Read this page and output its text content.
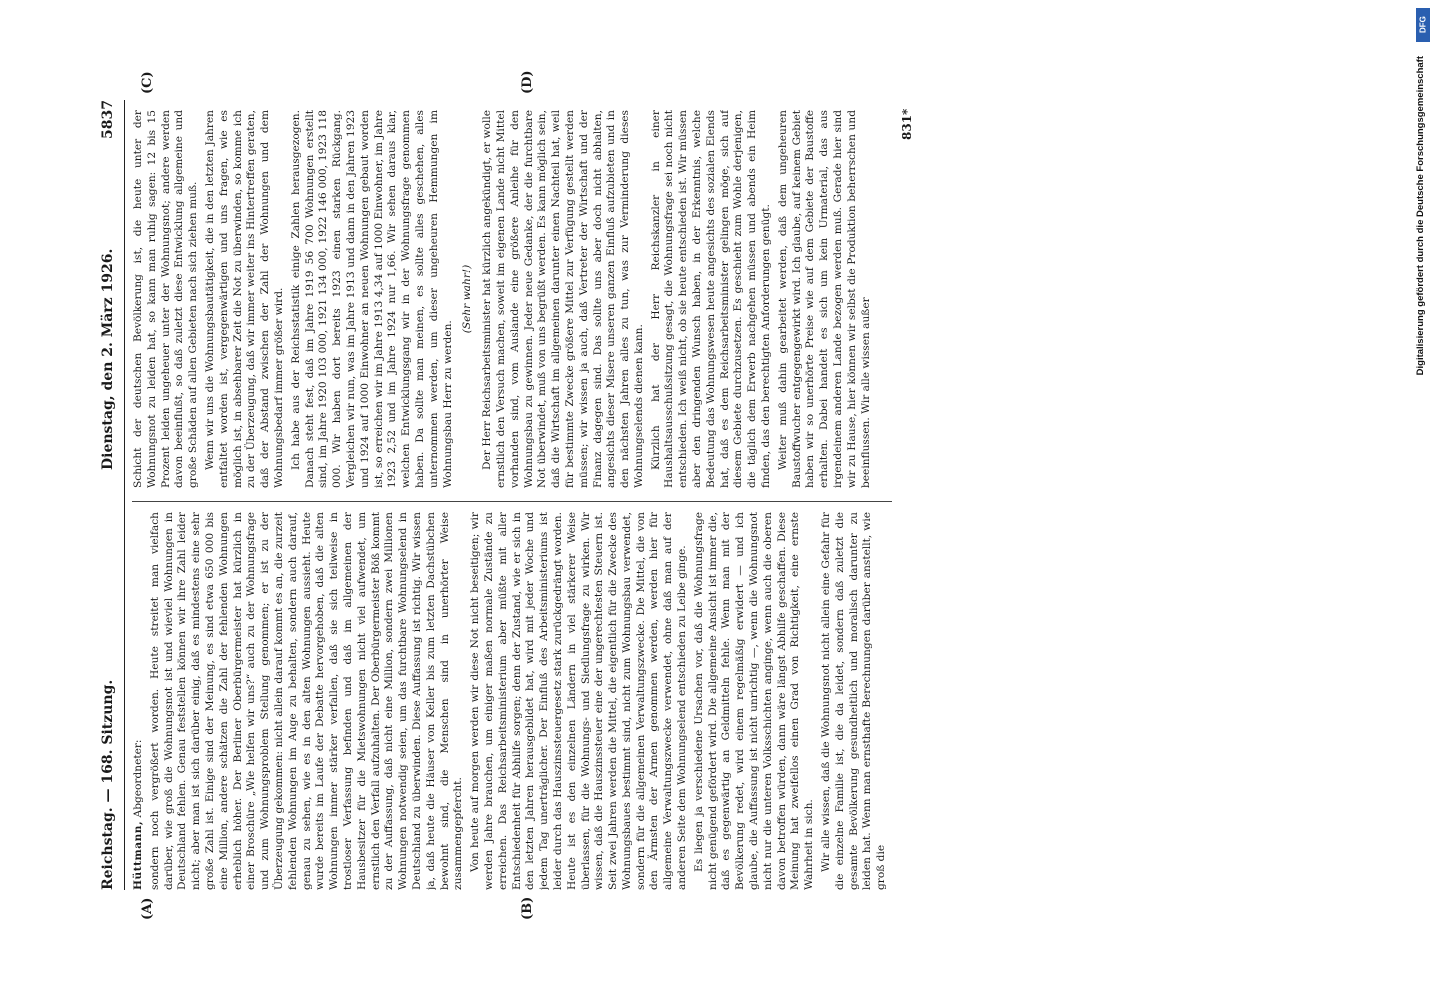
Reichstag. — 168. Sitzung.
Dienstag, den 2. März 1926.
5837
(A)	(B)
(C)	(D)

Hüttmann, Abgeordneter: sondern noch vergrößert worden. Heute streitet man vielfach darüber, wie groß die Wohnungsnot ist und wieviel Wohnungen in Deutschland fehlen. Genau feststellen können wir ihre Zahl leider nicht; aber man ist sich darüber einig, daß es mindestens eine sehr große Zahl ist. Einige sind der Meinung, es sind etwa 650 000 bis eine Million, andere schätzen die Zahl der fehlenden Wohnungen erheblich höher. Der Berliner Oberbürgermeister hat kürzlich in einer Broschüre „Wie helfen wir uns?“ auch zu der Wohnungsfrage und zum Wohnungsproblem Stellung genommen; er ist zu der Überzeugung gekommen: nicht allein darauf kommt es an, die zurzeit fehlenden Wohnungen im Auge zu behalten, sondern auch darauf, genau zu sehen, wie es in den alten Wohnungen aussieht. Heute wurde bereits im Laufe der Debatte hervorgehoben, daß die alten Wohnungen immer stärker verfallen, daß sie sich teilweise in trostloser Verfassung befinden und daß im allgemeinen der Hausbesitzer für die Mietswohnungen nicht viel aufwendet, um ernstlich den Verfall aufzuhalten. Der Oberbürgermeister Böß kommt zu der Auffassung, daß nicht eine Million, sondern zwei Millionen Wohnungen notwendig seien, um das furchtbare Wohnungselend in Deutschland zu überwinden. Diese Auffassung ist richtig. Wir wissen ja, daß heute die Häuser von Keller bis zum letzten Dachstübchen bewohnt sind, die Menschen sind in unerhörter Weise zusammengepfercht. Von heute auf morgen werden wir diese Not nicht beseitigen; wir werden Jahre brauchen, um einiger maßen normale Zustände zu erreichen. Das Reichsarbeitsministerium aber müßte mit aller Entschiedenheit für Abhilfe sorgen; denn der Zustand, wie er sich in den letzten Jahren herausgebildet hat, wird mit jeder Woche und jedem Tag unerträglicher. Der Einfluß des Arbeitsministeriums ist leider durch das Hauszinssteuergesetz stark zurückgedrängt worden. Heute ist es den einzelnen Ländern in viel stärkerer Weise überlassen, für die Wohnungs- und Siedlungsfrage zu wirken. Wir wissen, daß die Hauszinssteuer eine der ungerechtesten Steuern ist. Seit zwei Jahren werden die Mittel, die eigentlich für die Zwecke des Wohnungsbaues bestimmt sind, nicht zum Wohnungsbau verwendet, sondern für die allgemeinen Verwaltungszwecke. Die Mittel, die von den Ärmsten der Armen genommen werden, werden hier für allgemeine Verwaltungszwecke verwendet, ohne daß man auf der anderen Seite dem Wohnungselend entschieden zu Leibe ginge. Es liegen ja verschiedene Ursachen vor, daß die Wohnungsfrage nicht genügend gefördert wird. Die allgemeine Ansicht ist immer die, daß es gegenwärtig an Geldmitteln fehle. Wenn man mit der Bevölkerung redet, wird einem regelmäßig erwidert — und ich glaube, die Auffassung ist nicht unrichtig —, wenn die Wohnungsnot nicht nur die unteren Volksschichten anginge, wenn auch die oberen davon betroffen würden, dann wäre längst Abhilfe geschaffen. Diese Meinung hat zweifellos einen Grad von Richtigkeit, eine ernste Wahrheit in sich. Wir alle wissen, daß die Wohnungsnot nicht allein eine Gefahr für die einzelne Familie ist, die da leidet, sondern daß zuletzt die gesamte Bevölkerung gesundheitlich und moralisch darunter zu leiden hat. Wenn man ernsthafte Berechnungen darüber anstellt, wie groß die

Schicht der deutschen Bevölkerung ist, die heute unter der Wohnungsnot zu leiden hat, so kann man ruhig sagen: 12 bis 15 Prozent leiden ungeheuer unter der Wohnungsnot; andere werden davon beeinflußt, so daß zuletzt diese Entwicklung allgemeine und große Schäden auf allen Gebieten nach sich ziehen muß. Wenn wir uns die Wohnungsbautätigkeit, die in den letzten Jahren entfaltet worden ist, vergegenwärtigen und uns fragen, wie es möglich ist, in absehbarer Zeit die Not zu überwinden, so komme ich zu der Überzeugung, daß wir immer weiter ins Hintertreffen geraten, daß der Abstand zwischen der Zahl der Wohnungen und dem Wohnungsbedarf immer größer wird. Ich habe aus der Reichsstatistik einige Zahlen herausgezogen. Danach steht fest, daß im Jahre 1919 56 700 Wohnungen erstellt sind, im Jahre 1920 103 000, 1921 134 000, 1922 146 000, 1923 118 000. Wir haben dort bereits 1923 einen starken Rückgang. Vergleichen wir nun, was im Jahre 1913 und dann in den Jahren 1923 und 1924 auf 1000 Einwohner an neuen Wohnungen gebaut worden ist, so erreichen wir im Jahre 1913 4,34 auf 1000 Einwohner, im Jahre 1923 2,52 und im Jahre 1924 nur 1,66. Wir sehen daraus klar, welchen Entwicklungsgang wir in der Wohnungsfrage genommen haben. Da sollte man meinen, es sollte alles geschehen, alles unternommen werden, um dieser ungeheuren Hemmungen im Wohnungsbau Herr zu werden.

(Sehr wahr!) Der Herr Reichsarbeitsminister hat kürzlich angekündigt, er wolle ernstlich den Versuch machen, soweit im eigenen Lande nicht Mittel vorhanden sind, vom Auslande eine größere Anleihe für den Wohnungsbau zu gewinnen. Jeder neue Gedanke, der die furchtbare Not überwindet, muß von uns begrüßt werden. Es kann möglich sein, daß die Wirtschaft im allgemeinen darunter einen Nachteil hat, weil für bestimmte Zwecke größere Mittel zur Verfügung gestellt werden müssen; wir wissen ja auch, daß Vertreter der Wirtschaft und der Finanz dagegen sind. Das sollte uns aber doch nicht abhalten, angesichts dieser Misere unseren ganzen Einfluß aufzubieten und in den nächsten Jahren alles zu tun, was zur Verminderung dieses Wohnungselends dienen kann. Kürzlich hat der Herr Reichskanzler in einer Haushaltsausschußsitzung gesagt, die Wohnungsfrage sei noch nicht entschieden. Ich weiß nicht, ob sie heute entschieden ist. Wir müssen aber den dringenden Wunsch haben, in der Erkenntnis, welche Bedeutung das Wohnungswesen heute angesichts des sozialen Elends hat, daß es dem Reichsarbeitsminister gelingen möge, sich auf diesem Gebiete durchzusetzen. Es geschieht zum Wohle derjenigen, die täglich dem Erwerb nachgehen müssen und abends ein Heim finden, das den berechtigten Anforderungen genügt. Weiter muß dahin gearbeitet werden, daß dem ungeheuren Baustoffwucher entgegengewirkt wird. Ich glaube, auf keinem Gebiet haben wir so unerhörte Preise wie auf dem Gebiete der Baustoffe erhalten. Dabei handelt es sich um kein Urmaterial, das aus irgendeinem anderen Lande bezogen werden muß. Gerade hier sind wir zu Hause, hier können wir selbst die Produktion beherrschen und beeinflussen. Wir alle wissen außer

831*	Digitalisierung gefördert durch die Deutsche Forschungsgemeinschaft
DFG
